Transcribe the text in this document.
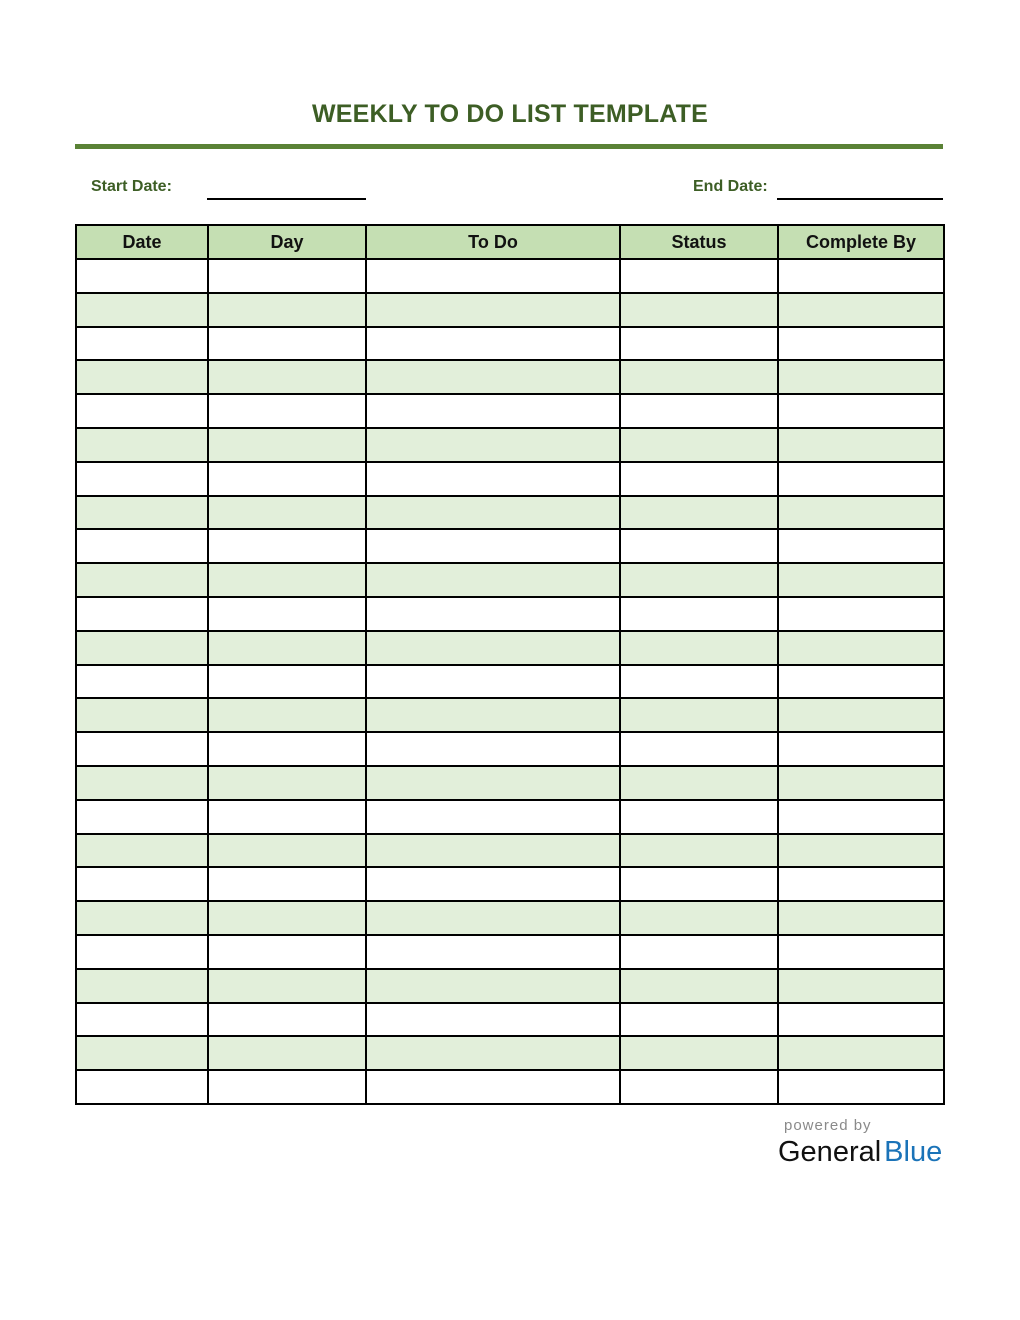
WEEKLY TO DO LIST TEMPLATE
Start Date:	End Date:
Date	Day	To Do	Status	Complete By

powered by
General Blue
